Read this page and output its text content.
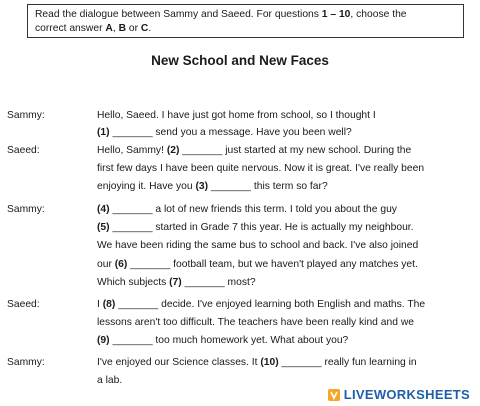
Read the dialogue between Sammy and Saeed. For questions 1 – 10, choose the
correct answer A, B or C.
New School and New Faces
Sammy:
Saeed:
Sammy:
Saeed:
Sammy:
Hello, Saeed. I have just got home from school, so I thought I
(1) _______ send you a message. Have you been well?
Hello, Sammy! (2) _______ just started at my new school. During the
first few days I have been quite nervous. Now it is great. I've really been
enjoying it. Have you (3) _______ this term so far?
(4) _______ a lot of new friends this term. I told you about the guy
(5) _______ started in Grade 7 this year. He is actually my neighbour.
We have been riding the same bus to school and back. I've also joined
our (6) _______ football team, but we haven't played any matches yet.
Which subjects (7) _______ most?
I (8) _______ decide. I've enjoyed learning both English and maths. The
lessons aren't too difficult. The teachers have been really kind and we
(9) _______ too much homework yet. What about you?
I've enjoyed our Science classes. It (10) _______ really fun learning in
a lab.
LIVEWORKSHEETS
